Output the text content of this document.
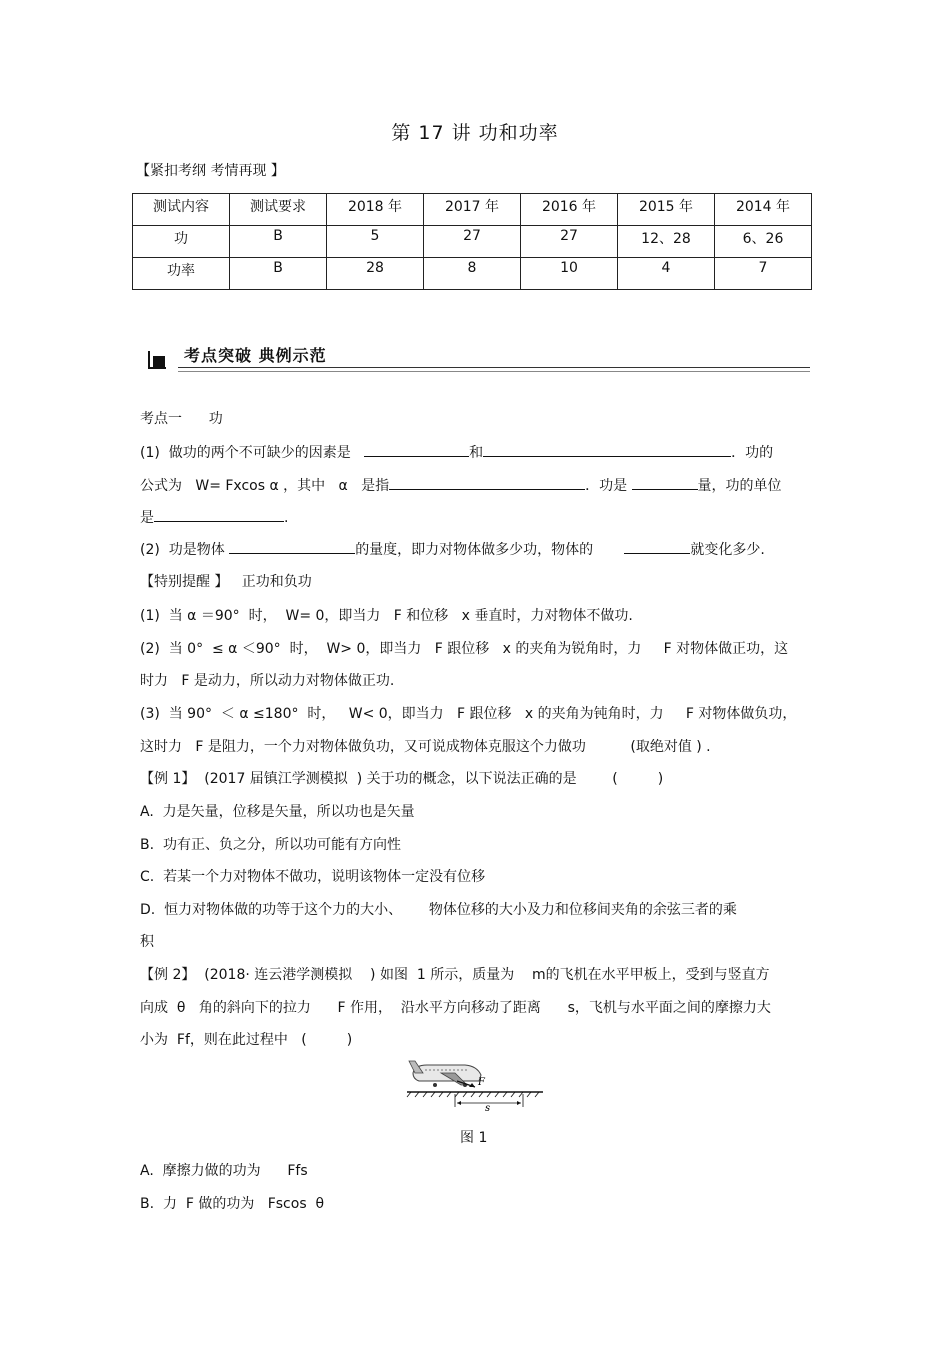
第 17 讲 功和功率
【紧扣考纲 考情再现 】
测试内容	测试要求	2018 年	2017 年	2016 年	2015 年	2014 年
功	B	5	27	27	12、28	6、26
功率	B	28	8	10	4	7
考点突破 典例示范
考点一      功
(1)  做功的两个不可缺少的因素是	和	．功的
公式为   W= Fxcos α ，其中   α   是指	．功是	量，功的单位
是	.
(2)  功是物体	的量度，即力对物体做多少功，物体的	就变化多少.
【特别提醒 】   正功和负功
(1)  当 α ＝90°  时，  W= 0，即当力   F 和位移   x 垂直时，力对物体不做功.
(2)  当 0°  ≤ α ＜90°  时，  W> 0，即当力   F 跟位移   x 的夹角为锐角时，力     F 对物体做正功，这
时力   F 是动力，所以动力对物体做正功.
(3)  当 90°  ＜ α ≤180°  时，   W< 0，即当力   F 跟位移   x 的夹角为钝角时，力     F 对物体做负功，
这时力   F 是阻力，一个力对物体做负功，又可说成物体克服这个力做功          (取绝对值 ) .
【例 1】  (2017 届镇江学测模拟  ) 关于功的概念，以下说法正确的是        (         )
A.  力是矢量，位移是矢量，所以功也是矢量
B.  功有正、负之分，所以功可能有方向性
C.  若某一个力对物体不做功，说明该物体一定没有位移
D.  恒力对物体做的功等于这个力的大小、      物体位移的大小及力和位移间夹角的余弦三者的乘
积
【例 2】  (2018· 连云港学测模拟    ) 如图  1 所示，质量为    m的飞机在水平甲板上，受到与竖直方
向成  θ   角的斜向下的拉力      F 作用，  沿水平方向移动了距离      s，飞机与水平面之间的摩擦力大
小为  Ff，则在此过程中   (         )
F
s
图 1
A.  摩擦力做的功为      Ffs
B.  力  F 做的功为   Fscos  θ
